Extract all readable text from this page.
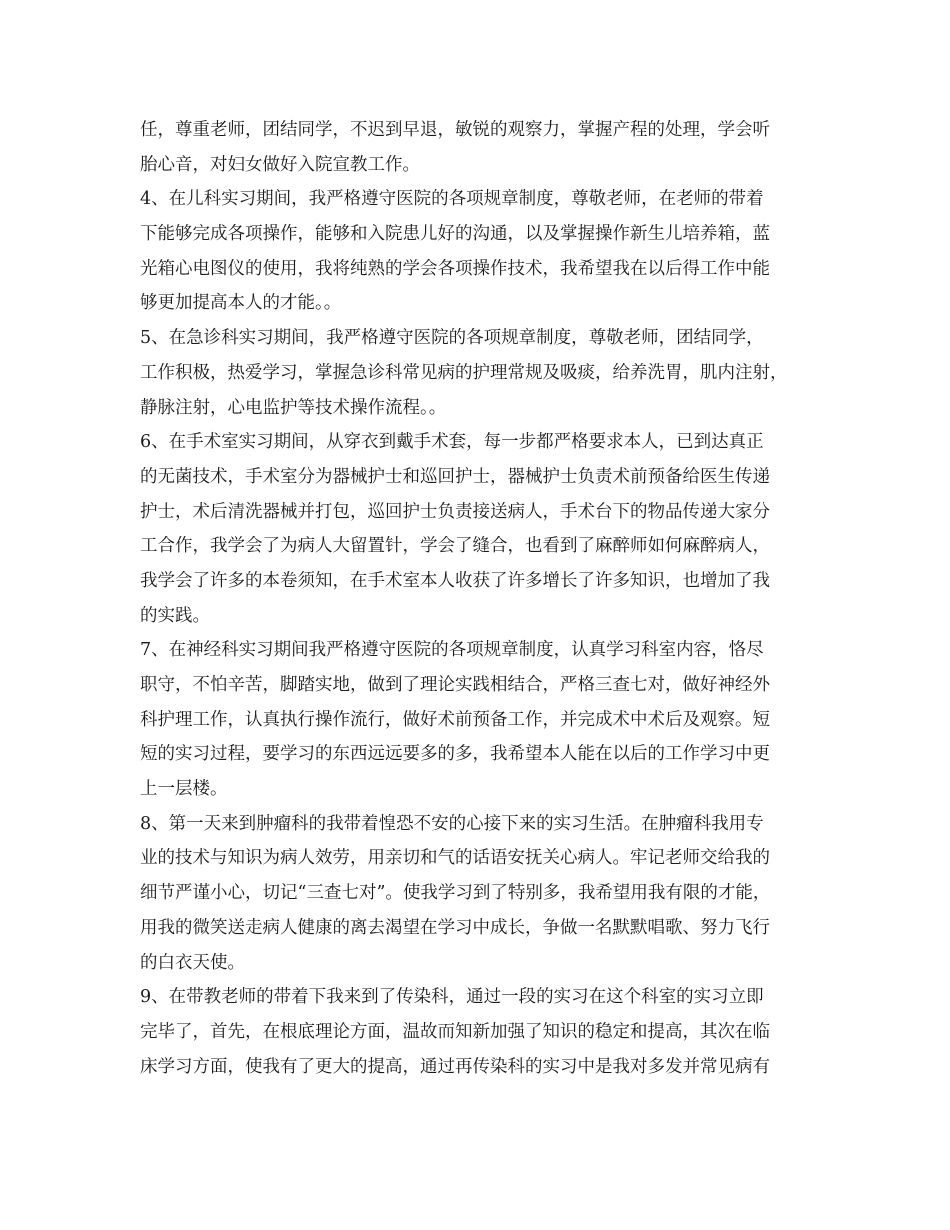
任，尊重老师，团结同学，不迟到早退，敏锐的观察力，掌握产程的处理，学会听
胎心音，对妇女做好入院宣教工作。
4、在儿科实习期间，我严格遵守医院的各项规章制度，尊敬老师，在老师的带着
下能够完成各项操作，能够和入院患儿好的沟通，以及掌握操作新生儿培养箱，蓝
光箱心电图仪的使用，我将纯熟的学会各项操作技术，我希望我在以后得工作中能
够更加提高本人的才能。。
5、在急诊科实习期间，我严格遵守医院的各项规章制度，尊敬老师，团结同学，
工作积极，热爱学习，掌握急诊科常见病的护理常规及吸痰，给养洗胃，肌内注射，
静脉注射，心电监护等技术操作流程。。
6、在手术室实习期间，从穿衣到戴手术套，每一步都严格要求本人，已到达真正
的无菌技术，手术室分为器械护士和巡回护士，器械护士负责术前预备给医生传递
护士，术后清洗器械并打包，巡回护士负责接送病人，手术台下的物品传递大家分
工合作，我学会了为病人大留置针，学会了缝合，也看到了麻醉师如何麻醉病人，
我学会了许多的本卷须知，在手术室本人收获了许多增长了许多知识，也增加了我
的实践。
7、在神经科实习期间我严格遵守医院的各项规章制度，认真学习科室内容，恪尽
职守，不怕辛苦，脚踏实地，做到了理论实践相结合，严格三查七对，做好神经外
科护理工作，认真执行操作流行，做好术前预备工作，并完成术中术后及观察。短
短的实习过程，要学习的东西远远要多的多，我希望本人能在以后的工作学习中更
上一层楼。
8、第一天来到肿瘤科的我带着惶恐不安的心接下来的实习生活。在肿瘤科我用专
业的技术与知识为病人效劳，用亲切和气的话语安抚关心病人。牢记老师交给我的
细节严谨小心，切记“三查七对”。使我学习到了特别多，我希望用我有限的才能，
用我的微笑送走病人健康的离去渴望在学习中成长，争做一名默默唱歌、努力飞行
的白衣天使。
9、在带教老师的带着下我来到了传染科，通过一段的实习在这个科室的实习立即
完毕了，首先，在根底理论方面，温故而知新加强了知识的稳定和提高，其次在临
床学习方面，使我有了更大的提高，通过再传染科的实习中是我对多发并常见病有
